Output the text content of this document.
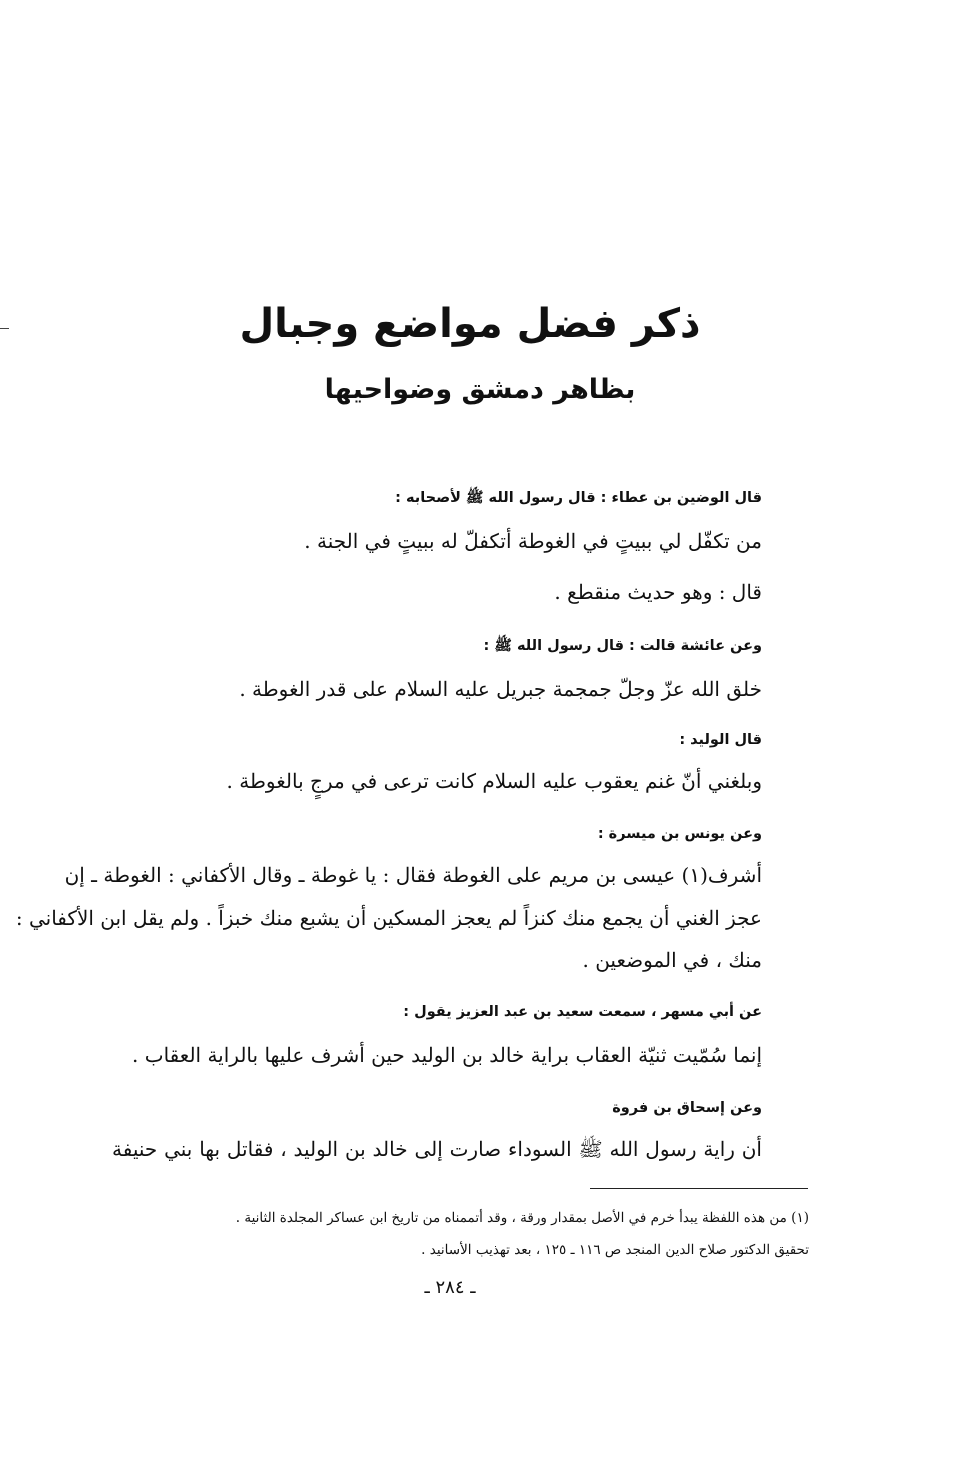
ذكر فضل مواضع وجبال
بظاهر دمشق وضواحيها
قال الوضين بن عطاء : قال رسول الله ﷺ لأصحابه :
من تكفّل لي ببيتٍ في الغوطة أتكفلّ له ببيتٍ في الجنة .
قال : وهو حديث منقطع .
وعن عائشة قالت : قال رسول الله ﷺ :
خلق الله عزّ وجلّ جمجمة جبريل عليه السلام على قدر الغوطة .
قال الوليد :
وبلغني أنّ غنم يعقوب عليه السلام كانت ترعى في مرجٍ بالغوطة .
وعن يونس بن ميسرة :
أشرف(١) عيسى بن مريم على الغوطة فقال : يا غوطة ـ وقال الأكفاني : الغوطة ـ إن
عجز الغني أن يجمع منك كنزاً لم يعجز المسكين أن يشبع منك خبزاً . ولم يقل ابن الأكفاني :
منك ، في الموضعين .
عن أبي مسهر ، سمعت سعيد بن عبد العزيز يقول :
إنما سُمّيت ثنيّة العقاب براية خالد بن الوليد حين أشرف عليها بالراية العقاب .
وعن إسحاق بن فروة
أن راية رسول الله ﷺ السوداء صارت إلى خالد بن الوليد ، فقاتل بها بني حنيفة
(١) من هذه اللفظة يبدأ خرم في الأصل بمقدار ورقة ، وقد أتممناه من تاريخ ابن عساكر المجلدة الثانية .
تحقيق الدكتور صلاح الدين المنجد ص ١١٦ ـ ١٢٥ ، بعد تهذيب الأسانيد .
ـ ٢٨٤ ـ
